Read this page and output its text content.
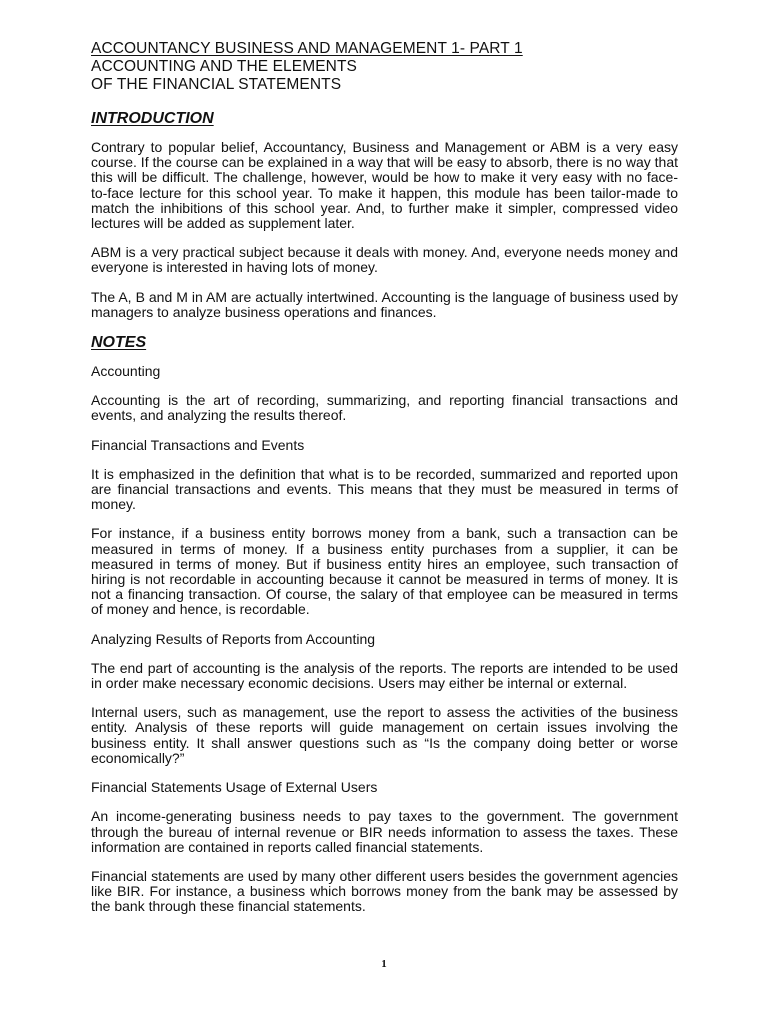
ACCOUNTANCY BUSINESS AND MANAGEMENT 1- PART 1
ACCOUNTING AND THE ELEMENTS
OF THE FINANCIAL STATEMENTS
INTRODUCTION

Contrary to popular belief, Accountancy, Business and Management or ABM is a very easy course. If the course can be explained in a way that will be easy to absorb, there is no way that this will be difficult. The challenge, however, would be how to make it very easy with no face-to-face lecture for this school year. To make it happen, this module has been tailor-made to match the inhibitions of this school year. And, to further make it simpler, compressed video lectures will be added as supplement later.

ABM is a very practical subject because it deals with money. And, everyone needs money and everyone is interested in having lots of money.

The A, B and M in AM are actually intertwined. Accounting is the language of business used by managers to analyze business operations and finances.

NOTES

Accounting

Accounting is the art of recording, summarizing, and reporting financial transactions and events, and analyzing the results thereof.

Financial Transactions and Events

It is emphasized in the definition that what is to be recorded, summarized and reported upon are financial transactions and events. This means that they must be measured in terms of money.

For instance, if a business entity borrows money from a bank, such a transaction can be measured in terms of money. If a business entity purchases from a supplier, it can be measured in terms of money. But if business entity hires an employee, such transaction of hiring is not recordable in accounting because it cannot be measured in terms of money. It is not a financing transaction. Of course, the salary of that employee can be measured in terms of money and hence, is recordable.

Analyzing Results of Reports from Accounting

The end part of accounting is the analysis of the reports. The reports are intended to be used in order make necessary economic decisions. Users may either be internal or external.

Internal users, such as management, use the report to assess the activities of the business entity. Analysis of these reports will guide management on certain issues involving the business entity. It shall answer questions such as “Is the company doing better or worse economically?”

Financial Statements Usage of External Users

An income-generating business needs to pay taxes to the government. The government through the bureau of internal revenue or BIR needs information to assess the taxes. These information are contained in reports called financial statements.

Financial statements are used by many other different users besides the government agencies like BIR. For instance, a business which borrows money from the bank may be assessed by the bank through these financial statements.

1
